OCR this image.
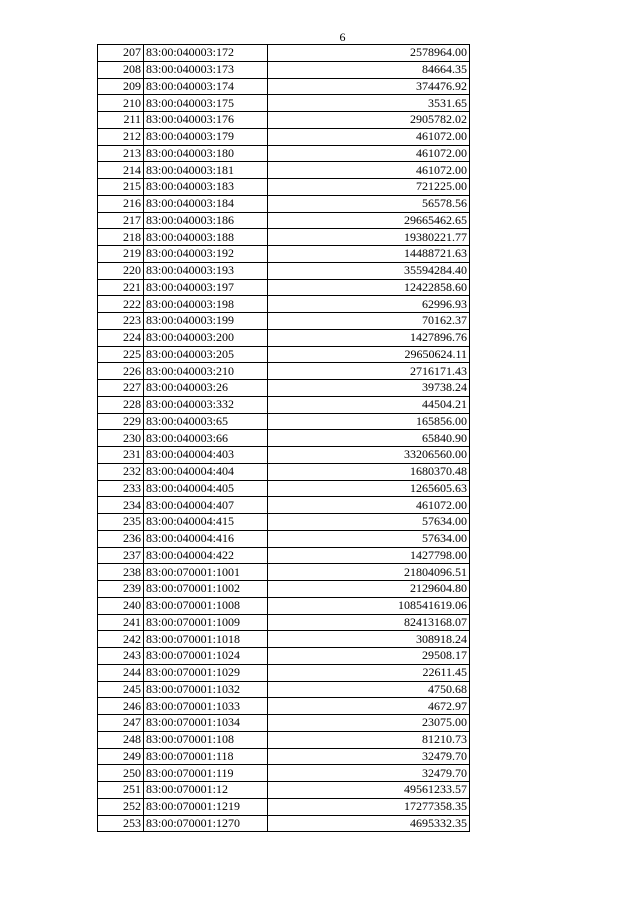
6
207	83:00:040003:172	2578964.00
208	83:00:040003:173	84664.35
209	83:00:040003:174	374476.92
210	83:00:040003:175	3531.65
211	83:00:040003:176	2905782.02
212	83:00:040003:179	461072.00
213	83:00:040003:180	461072.00
214	83:00:040003:181	461072.00
215	83:00:040003:183	721225.00
216	83:00:040003:184	56578.56
217	83:00:040003:186	29665462.65
218	83:00:040003:188	19380221.77
219	83:00:040003:192	14488721.63
220	83:00:040003:193	35594284.40
221	83:00:040003:197	12422858.60
222	83:00:040003:198	62996.93
223	83:00:040003:199	70162.37
224	83:00:040003:200	1427896.76
225	83:00:040003:205	29650624.11
226	83:00:040003:210	2716171.43
227	83:00:040003:26	39738.24
228	83:00:040003:332	44504.21
229	83:00:040003:65	165856.00
230	83:00:040003:66	65840.90
231	83:00:040004:403	33206560.00
232	83:00:040004:404	1680370.48
233	83:00:040004:405	1265605.63
234	83:00:040004:407	461072.00
235	83:00:040004:415	57634.00
236	83:00:040004:416	57634.00
237	83:00:040004:422	1427798.00
238	83:00:070001:1001	21804096.51
239	83:00:070001:1002	2129604.80
240	83:00:070001:1008	108541619.06
241	83:00:070001:1009	82413168.07
242	83:00:070001:1018	308918.24
243	83:00:070001:1024	29508.17
244	83:00:070001:1029	22611.45
245	83:00:070001:1032	4750.68
246	83:00:070001:1033	4672.97
247	83:00:070001:1034	23075.00
248	83:00:070001:108	81210.73
249	83:00:070001:118	32479.70
250	83:00:070001:119	32479.70
251	83:00:070001:12	49561233.57
252	83:00:070001:1219	17277358.35
253	83:00:070001:1270	4695332.35
